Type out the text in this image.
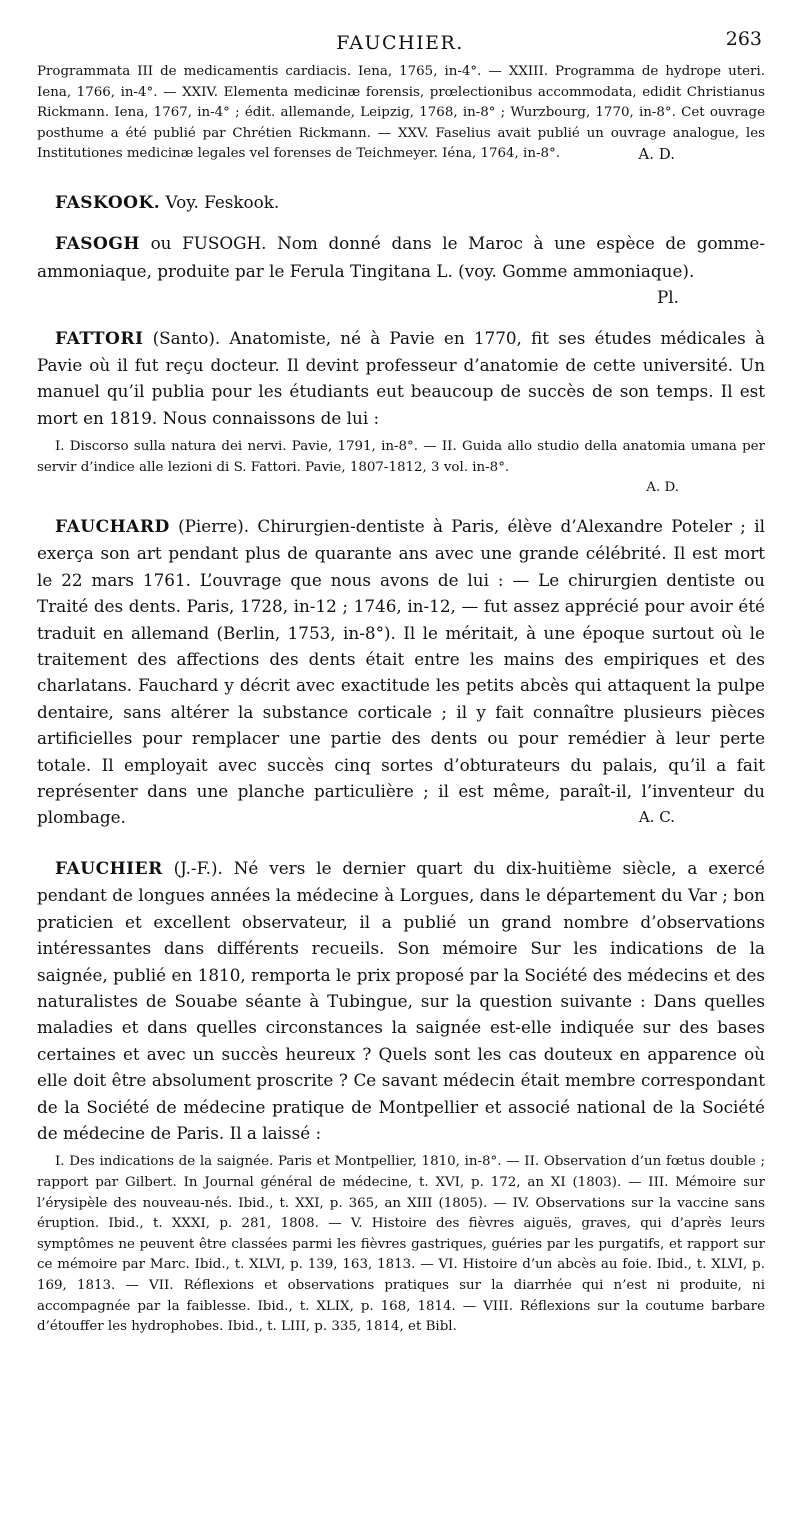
FAUCHIER.	263

Programmata III de medicamentis cardiacis. Iena, 1765, in-4°. — XXIII. Programma de hydrope uteri. Iena, 1766, in-4°. — XXIV. Elementa medicinæ forensis, prœlectionibus accommodata, edidit Christianus Rickmann. Iena, 1767, in-4° ; édit. allemande, Leipzig, 1768, in-8° ; Wurzbourg, 1770, in-8°. Cet ouvrage posthume a été publié par Chrétien Rickmann. — XXV. Faselius avait publié un ouvrage analogue, les Institutiones medicinæ legales vel forenses de Teichmeyer. Iéna, 1764, in-8°.	A. D.

FASKOOK. Voy. Feskook.

FASOGH ou FUSOGH. Nom donné dans le Maroc à une espèce de gomme-ammoniaque, produite par le Ferula Tingitana L. (voy. Gomme ammoniaque).
Pl.

FATTORI (Santo). Anatomiste, né à Pavie en 1770, fit ses études médicales à Pavie où il fut reçu docteur. Il devint professeur d’anatomie de cette université. Un manuel qu’il publia pour les étudiants eut beaucoup de succès de son temps. Il est mort en 1819. Nous connaissons de lui :

I. Discorso sulla natura dei nervi. Pavie, 1791, in-8°. — II. Guida allo studio della anatomia umana per servir d’indice alle lezioni di S. Fattori. Pavie, 1807-1812, 3 vol. in-8°.
A. D.

FAUCHARD (Pierre). Chirurgien-dentiste à Paris, élève d’Alexandre Poteler ; il exerça son art pendant plus de quarante ans avec une grande célébrité. Il est mort le 22 mars 1761. L’ouvrage que nous avons de lui : — Le chirurgien dentiste ou Traité des dents. Paris, 1728, in-12 ; 1746, in-12, — fut assez apprécié pour avoir été traduit en allemand (Berlin, 1753, in-8°). Il le méritait, à une époque surtout où le traitement des affections des dents était entre les mains des empiriques et des charlatans. Fauchard y décrit avec exactitude les petits abcès qui attaquent la pulpe dentaire, sans altérer la substance corticale ; il y fait connaître plusieurs pièces artificielles pour remplacer une partie des dents ou pour remédier à leur perte totale. Il employait avec succès cinq sortes d’obturateurs du palais, qu’il a fait représenter dans une planche particulière ; il est même, paraît-il, l’inventeur du plombage.	A. C.

FAUCHIER (J.-F.). Né vers le dernier quart du dix-huitième siècle, a exercé pendant de longues années la médecine à Lorgues, dans le département du Var ; bon praticien et excellent observateur, il a publié un grand nombre d’observations intéressantes dans différents recueils. Son mémoire Sur les indications de la saignée, publié en 1810, remporta le prix proposé par la Société des médecins et des naturalistes de Souabe séante à Tubingue, sur la question suivante : Dans quelles maladies et dans quelles circonstances la saignée est-elle indiquée sur des bases certaines et avec un succès heureux ? Quels sont les cas douteux en apparence où elle doit être absolument proscrite ? Ce savant médecin était membre correspondant de la Société de médecine pratique de Montpellier et associé national de la Société de médecine de Paris. Il a laissé :

I. Des indications de la saignée. Paris et Montpellier, 1810, in-8°. — II. Observation d’un fœtus double ; rapport par Gilbert. In Journal général de médecine, t. XVI, p. 172, an XI (1803). — III. Mémoire sur l’érysipèle des nouveau-nés. Ibid., t. XXI, p. 365, an XIII (1805). — IV. Observations sur la vaccine sans éruption. Ibid., t. XXXI, p. 281, 1808. — V. Histoire des fièvres aiguës, graves, qui d’après leurs symptômes ne peuvent être classées parmi les fièvres gastriques, guéries par les purgatifs, et rapport sur ce mémoire par Marc. Ibid., t. XLVI, p. 139, 163, 1813. — VI. Histoire d’un abcès au foie. Ibid., t. XLVI, p. 169, 1813. — VII. Réflexions et observations pratiques sur la diarrhée qui n’est ni produite, ni accompagnée par la faiblesse. Ibid., t. XLIX, p. 168, 1814. — VIII. Réflexions sur la coutume barbare d’étouffer les hydrophobes. Ibid., t. LIII, p. 335, 1814, et Bibl.
